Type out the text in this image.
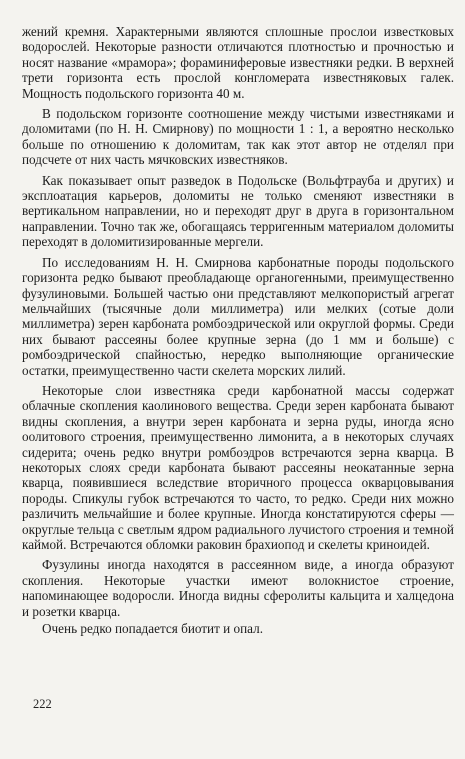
жений кремня. Характерными являются сплошные прослои известковых водорослей. Некоторые разности отличаются плотностью и прочностью и носят название «мрамора»; фораминиферовые известняки редки. В верхней трети горизонта есть прослой конгломерата известняковых галек. Мощность подольского горизонта 40 м.

В подольском горизонте соотношение между чистыми известняками и доломитами (по Н. Н. Смирнову) по мощности 1 : 1, а вероятно несколько больше по отношению к доломитам, так как этот автор не отделял при подсчете от них часть мячковских известняков.

Как показывает опыт разведок в Подольске (Вольфтрауба и других) и эксплоатация карьеров, доломиты не только сменяют известняки в вертикальном направлении, но и переходят друг в друга в горизонтальном направлении. Точно так же, обогащаясь терригенным материалом доломиты переходят в доломитизированные мергели.

По исследованиям Н. Н. Смирнова карбонатные породы подольского горизонта редко бывают преобладающе органогенными, преимущественно фузулиновыми. Большей частью они представляют мелкопористый агрегат мельчайших (тысячные доли миллиметра) или мелких (сотые доли миллиметра) зерен карбоната ромбоэдрической или округлой формы. Среди них бывают рассеяны более крупные зерна (до 1 мм и больше) с ромбоэдрической спайностью, нередко выполняющие органические остатки, преимущественно части скелета морских лилий.

Некоторые слои известняка среди карбонатной массы содержат облачные скопления каолинового вещества. Среди зерен карбоната бывают видны скопления, а внутри зерен карбоната и зерна руды, иногда ясно оолитового строения, преимущественно лимонита, а в некоторых случаях сидерита; очень редко внутри ромбоэдров встречаются зерна кварца. В некоторых слоях среди карбоната бывают рассеяны неокатанные зерна кварца, появившиеся вследствие вторичного процесса окварцовывания породы. Спикулы губок встречаются то часто, то редко. Среди них можно различить мельчайшие и более крупные. Иногда констатируются сферы — округлые тельца с светлым ядром радиального лучистого строения и темной каймой. Встречаются обломки раковин брахиопод и скелеты криноидей.

Фузулины иногда находятся в рассеянном виде, а иногда образуют скопления. Некоторые участки имеют волокнистое строение, напоминающее водоросли. Иногда видны сферолиты кальцита и халцедона и розетки кварца.

Очень редко попадается биотит и опал.

222
